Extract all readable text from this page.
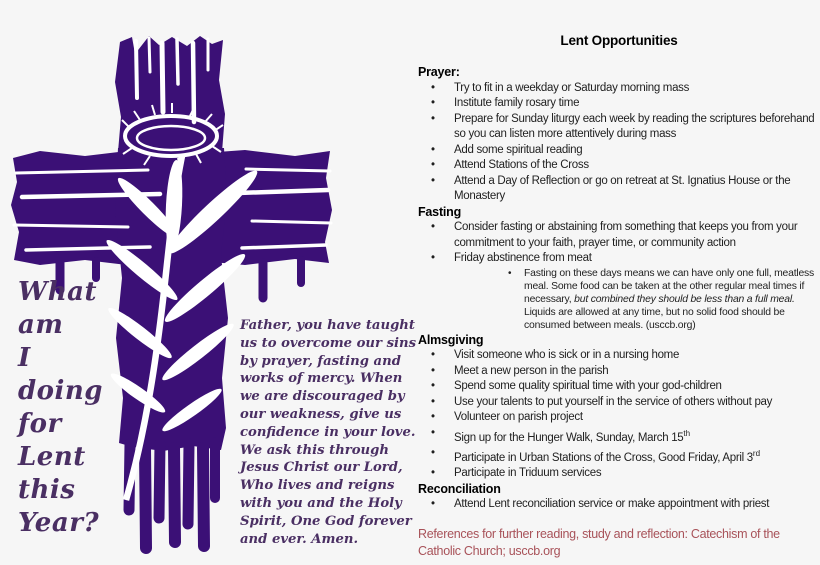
What
am
I
doing
for
Lent
this
Year?
Father, you have taught
us to overcome our sins
by prayer, fasting and
works of mercy. When
we are discouraged by
our weakness, give us
confidence in your love.
We ask this through
Jesus Christ our Lord,
Who lives and reigns
with you and the Holy
Spirit, One God forever
and ever. Amen.
Lent Opportunities
Prayer:
• Try to fit in a weekday or Saturday morning mass
• Institute family rosary time
• Prepare for Sunday liturgy each week by reading the scriptures beforehand so you can listen more attentively during mass
• Add some spiritual reading
• Attend Stations of the Cross
• Attend a Day of Reflection or go on retreat at St. Ignatius House or the Monastery
Fasting
• Consider fasting or abstaining from something that keeps you from your commitment to your faith, prayer time, or community action
• Friday abstinence from meat
• Fasting on these days means we can have only one full, meatless meal. Some food can be taken at the other regular meal times if necessary, but combined they should be less than a full meal. Liquids are allowed at any time, but no solid food should be consumed between meals. (usccb.org)
Almsgiving
• Visit someone who is sick or in a nursing home
• Meet a new person in the parish
• Spend some quality spiritual time with your god-children
• Use your talents to put yourself in the service of others without pay
• Volunteer on parish project
• Sign up for the Hunger Walk, Sunday, March 15th
• Participate in Urban Stations of the Cross, Good Friday, April 3rd
• Participate in Triduum services
Reconciliation
• Attend Lent reconciliation service or make appointment with priest
References for further reading, study and reflection: Catechism of the Catholic Church; usccb.org
